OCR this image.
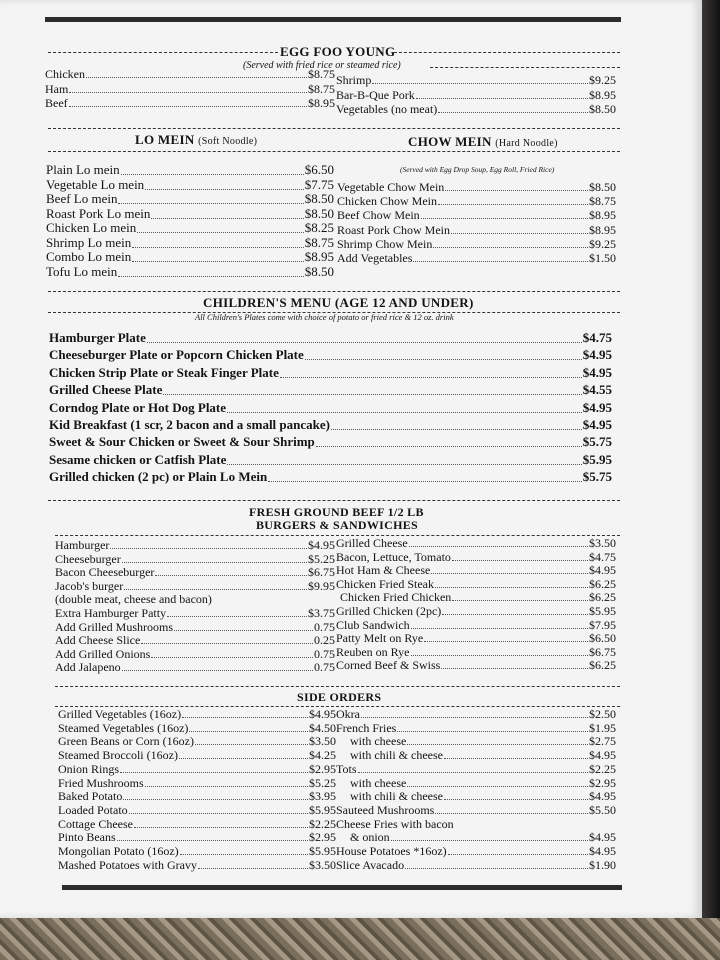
EGG FOO YOUNG
(Served with fried rice or steamed rice)
Chicken	$8.75
Ham	$8.75
Beef	$8.95
Shrimp	$9.25
Bar-B-Que Pork	$8.95
Vegetables (no meat)	$8.50
LO MEIN (Soft Noodle)	CHOW MEIN (Hard Noodle)
(Served with Egg Drop Soup, Egg Roll, Fried Rice)
Plain Lo mein	$6.50
Vegetable Lo mein	$7.75
Beef Lo mein	$8.50
Roast Pork Lo mein	$8.50
Chicken Lo mein	$8.25
Shrimp Lo mein	$8.75
Combo Lo mein	$8.95
Tofu Lo mein	$8.50
Vegetable Chow Mein	$8.50
Chicken Chow Mein	$8.75
Beef Chow Mein	$8.95
Roast Pork Chow Mein	$8.95
Shrimp Chow Mein	$9.25
Add Vegetables	$1.50
CHILDREN'S MENU (AGE 12 AND UNDER)
All Children's Plates come with choice of potato or fried rice & 12 oz. drink
Hamburger Plate	$4.75
Cheeseburger Plate or Popcorn Chicken Plate	$4.95
Chicken Strip Plate or Steak Finger Plate	$4.95
Grilled Cheese Plate	$4.55
Corndog Plate or Hot Dog Plate	$4.95
Kid Breakfast (1 scr, 2 bacon and a small pancake)	$4.95
Sweet & Sour Chicken or Sweet & Sour Shrimp	$5.75
Sesame chicken or Catfish Plate	$5.95
Grilled chicken (2 pc) or Plain Lo Mein	$5.75
FRESH GROUND BEEF 1/2 LB
BURGERS & SANDWICHES
Hamburger	$4.95
Cheeseburger	$5.25
Bacon Cheeseburger	$6.75
Jacob's burger	$9.95
(double meat, cheese and bacon)
Extra Hamburger Patty	$3.75
Add Grilled Mushrooms	0.75
Add Cheese Slice	0.25
Add Grilled Onions	0.75
Add Jalapeno	0.75
Grilled Cheese	$3.50
Bacon, Lettuce, Tomato	$4.75
Hot Ham & Cheese	$4.95
Chicken Fried Steak	$6.25
Chicken Fried Chicken	$6.25
Grilled Chicken (2pc)	$5.95
Club Sandwich	$7.95
Patty Melt on Rye	$6.50
Reuben on Rye	$6.75
Corned Beef & Swiss	$6.25
SIDE ORDERS
Grilled Vegetables (16oz)	$4.95
Steamed Vegetables (16oz)	$4.50
Green Beans or Corn (16oz)	$3.50
Steamed Broccoli (16oz)	$4.25
Onion Rings	$2.95
Fried Mushrooms	$5.25
Baked Potato	$3.95
Loaded Potato	$5.95
Cottage Cheese	$2.25
Pinto Beans	$2.95
Mongolian Potato (16oz)	$5.95
Mashed Potatoes with Gravy	$3.50
Okra	$2.50
French Fries	$1.95
with cheese	$2.75
with chili & cheese	$4.95
Tots	$2.25
with cheese	$2.95
with chili & cheese	$4.95
Sauteed Mushrooms	$5.50
Cheese Fries with bacon
& onion	$4.95
House Potatoes *16oz)	$4.95
Slice Avacado	$1.90
